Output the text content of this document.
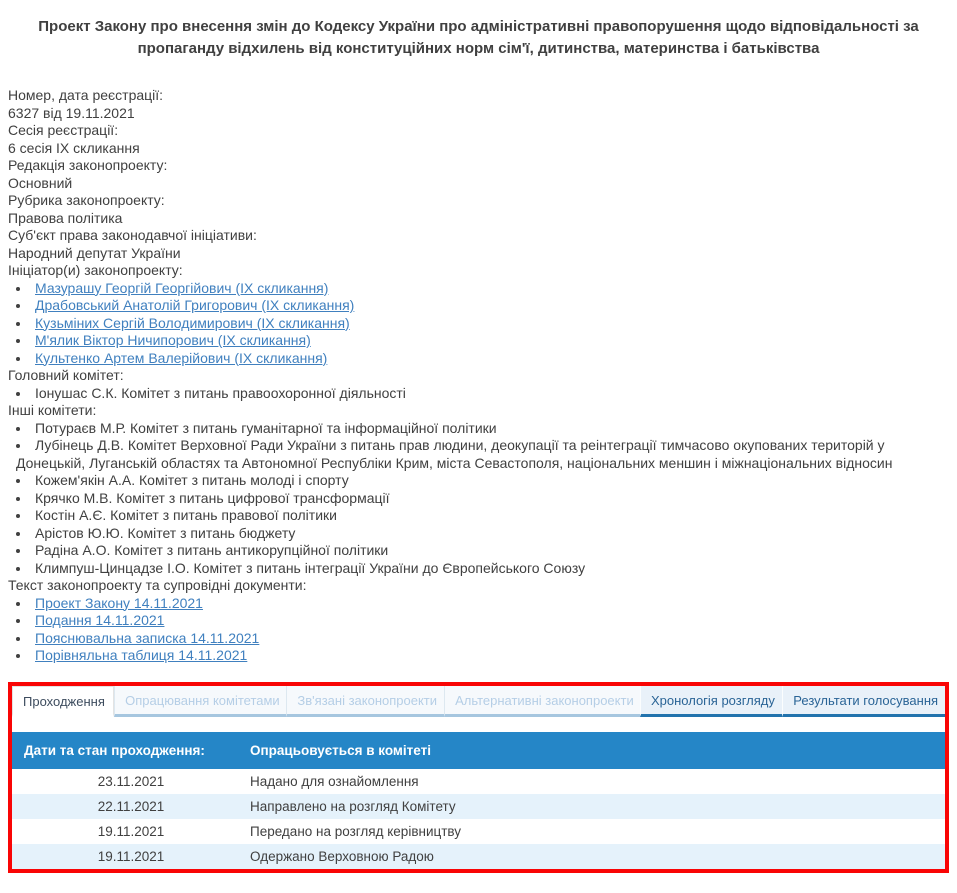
Проект Закону про внесення змін до Кодексу України про адміністративні правопорушення щодо відповідальності за пропаганду відхилень від конституційних норм сім'ї, дитинства, материнства і батьківства
Номер, дата реєстрації:
6327 від 19.11.2021
Сесія реєстрації:
6 сесія IX скликання
Редакція законопроекту:
Основний
Рубрика законопроекту:
Правова політика
Суб'єкт права законодавчої ініціативи:
Народний депутат України
Ініціатор(и) законопроекту:
• Мазурашу Георгій Георгійович (IX скликання)
• Драбовський Анатолій Григорович (IX скликання)
• Кузьміних Сергій Володимирович (IX скликання)
• М'ялик Віктор Ничипорович (IX скликання)
• Культенко Артем Валерійович (IX скликання)
Головний комітет:
• Іонушас С.К. Комітет з питань правоохоронної діяльності
Інші комітети:
• Потураєв М.Р. Комітет з питань гуманітарної та інформаційної політики
• Лубінець Д.В. Комітет Верховної Ради України з питань прав людини, деокупації та реінтеграції тимчасово окупованих територій у Донецькій, Луганській областях та Автономної Республіки Крим, міста Севастополя, національних меншин і міжнаціональних відносин
• Кожем'якін А.А. Комітет з питань молоді і спорту
• Крячко М.В. Комітет з питань цифрової трансформації
• Костін А.Є. Комітет з питань правової політики
• Арістов Ю.Ю. Комітет з питань бюджету
• Радіна А.О. Комітет з питань антикорупційної політики
• Климпуш-Цинцадзе І.О. Комітет з питань інтеграції України до Європейського Союзу
Текст законопроекту та супровідні документи:
• Проект Закону 14.11.2021
• Подання 14.11.2021
• Пояснювальна записка 14.11.2021
• Порівняльна таблиця 14.11.2021
Проходження	Опрацювання комітетами	Зв'язані законопроекти	Альтернативні законопроекти	Хронологія розгляду	Результати голосування
Дати та стан проходження:	Опрацьовується в комітеті
23.11.2021	Надано для ознайомлення
22.11.2021	Направлено на розгляд Комітету
19.11.2021	Передано на розгляд керівництву
19.11.2021	Одержано Верховною Радою
